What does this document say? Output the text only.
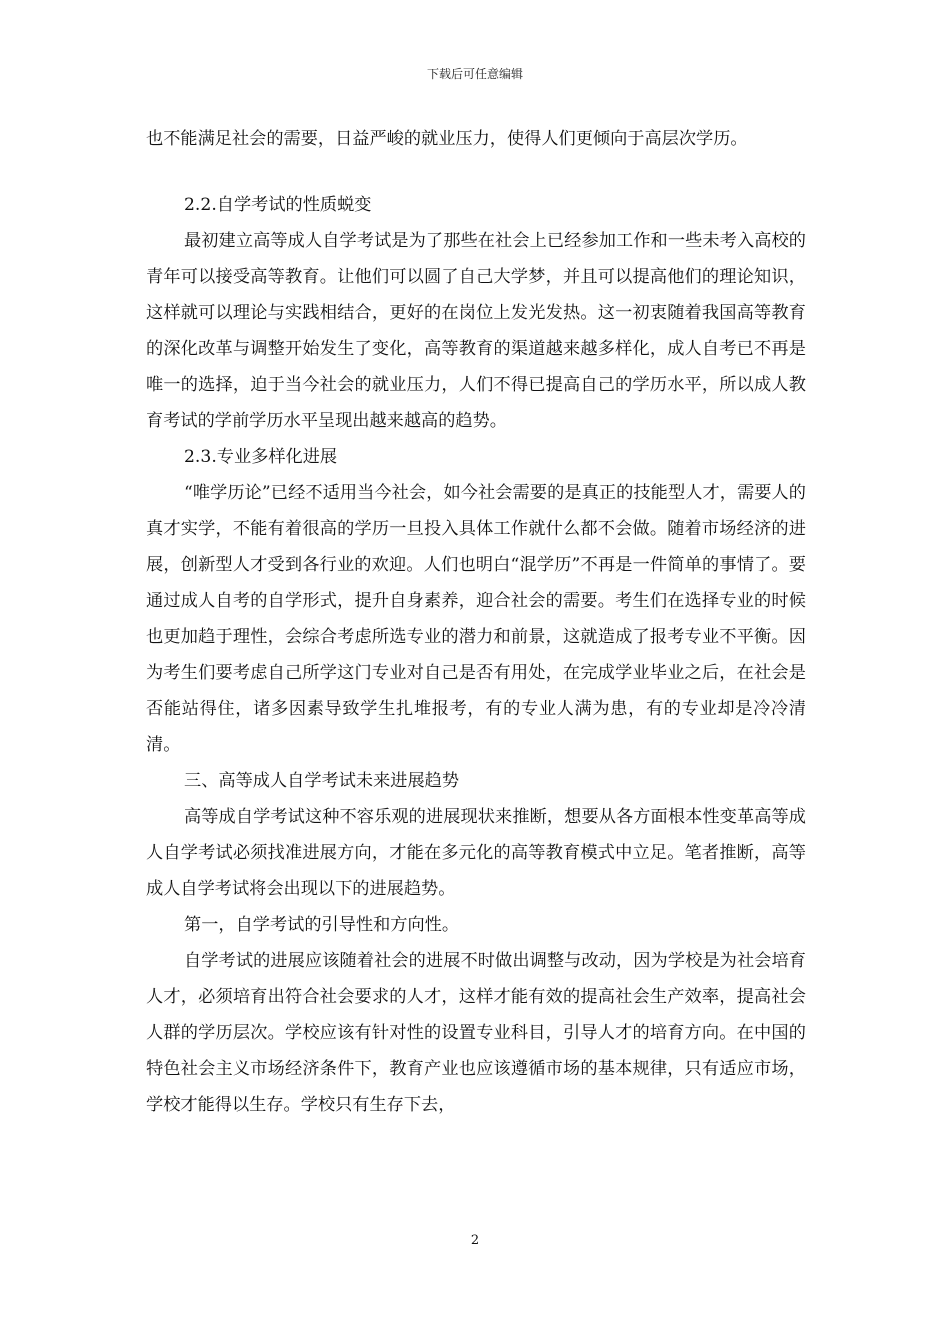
下载后可任意编辑

也不能满足社会的需要，日益严峻的就业压力，使得人们更倾向于高层次学历。

2.2.自学考试的性质蜕变

最初建立高等成人自学考试是为了那些在社会上已经参加工作和一些未考入高校的青年可以接受高等教育。让他们可以圆了自己大学梦，并且可以提高他们的理论知识，这样就可以理论与实践相结合，更好的在岗位上发光发热。这一初衷随着我国高等教育的深化改革与调整开始发生了变化，高等教育的渠道越来越多样化，成人自考已不再是唯一的选择，迫于当今社会的就业压力，人们不得已提高自己的学历水平，所以成人教育考试的学前学历水平呈现出越来越高的趋势。

2.3.专业多样化进展

“唯学历论”已经不适用当今社会，如今社会需要的是真正的技能型人才，需要人的真才实学，不能有着很高的学历一旦投入具体工作就什么都不会做。随着市场经济的进展，创新型人才受到各行业的欢迎。人们也明白“混学历”不再是一件简单的事情了。要通过成人自考的自学形式，提升自身素养，迎合社会的需要。考生们在选择专业的时候也更加趋于理性，会综合考虑所选专业的潜力和前景，这就造成了报考专业不平衡。因为考生们要考虑自己所学这门专业对自己是否有用处，在完成学业毕业之后，在社会是否能站得住，诸多因素导致学生扎堆报考，有的专业人满为患，有的专业却是冷冷清清。

三、高等成人自学考试未来进展趋势

高等成自学考试这种不容乐观的进展现状来推断，想要从各方面根本性变革高等成人自学考试必须找准进展方向，才能在多元化的高等教育模式中立足。笔者推断，高等成人自学考试将会出现以下的进展趋势。

第一，自学考试的引导性和方向性。

自学考试的进展应该随着社会的进展不时做出调整与改动，因为学校是为社会培育人才，必须培育出符合社会要求的人才，这样才能有效的提高社会生产效率，提高社会人群的学历层次。学校应该有针对性的设置专业科目，引导人才的培育方向。在中国的特色社会主义市场经济条件下，教育产业也应该遵循市场的基本规律，只有适应市场，学校才能得以生存。学校只有生存下去，

2
